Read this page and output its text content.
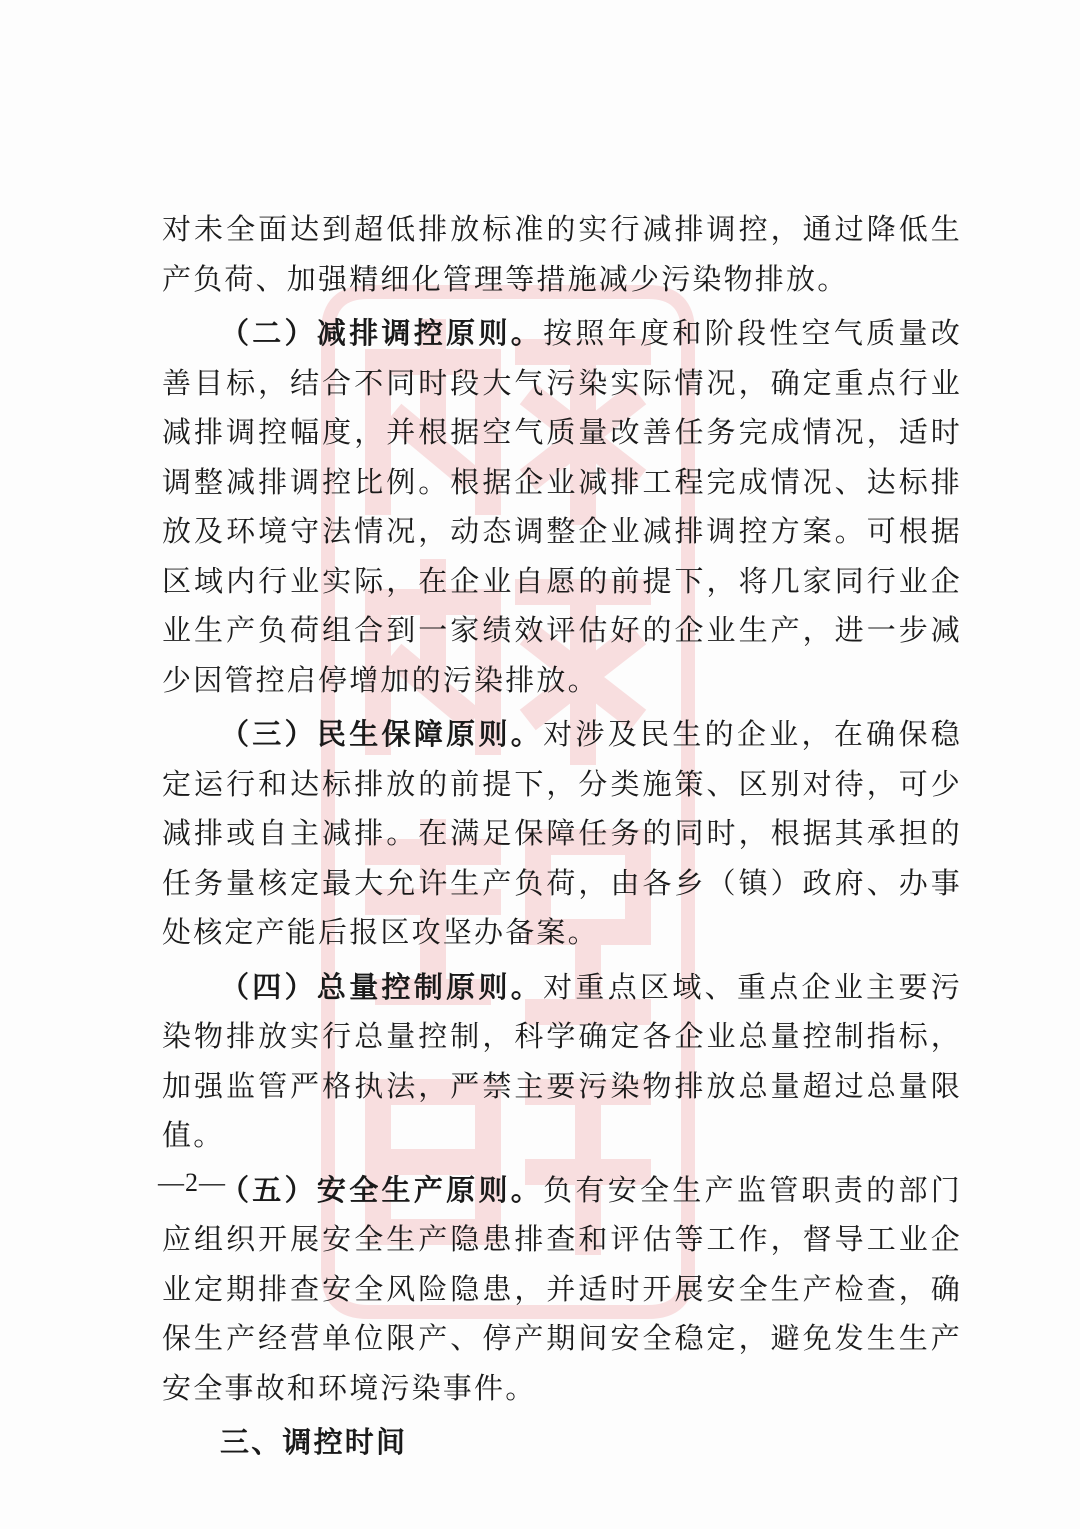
对未全面达到超低排放标准的实行减排调控，通过降低生产负荷、加强精细化管理等措施减少污染物排放。

（二）减排调控原则。按照年度和阶段性空气质量改善目标，结合不同时段大气污染实际情况，确定重点行业减排调控幅度，并根据空气质量改善任务完成情况，适时调整减排调控比例。根据企业减排工程完成情况、达标排放及环境守法情况，动态调整企业减排调控方案。可根据区域内行业实际，在企业自愿的前提下，将几家同行业企业生产负荷组合到一家绩效评估好的企业生产，进一步减少因管控启停增加的污染排放。

（三）民生保障原则。对涉及民生的企业，在确保稳定运行和达标排放的前提下，分类施策、区别对待，可少减排或自主减排。在满足保障任务的同时，根据其承担的任务量核定最大允许生产负荷，由各乡（镇）政府、办事处核定产能后报区攻坚办备案。

（四）总量控制原则。对重点区域、重点企业主要污染物排放实行总量控制，科学确定各企业总量控制指标，加强监管严格执法，严禁主要污染物排放总量超过总量限值。

（五）安全生产原则。负有安全生产监管职责的部门应组织开展安全生产隐患排查和评估等工作，督导工业企业定期排查安全风险隐患，并适时开展安全生产检查，确保生产经营单位限产、停产期间安全稳定，避免发生生产安全事故和环境污染事件。

三、调控时间

—2—
